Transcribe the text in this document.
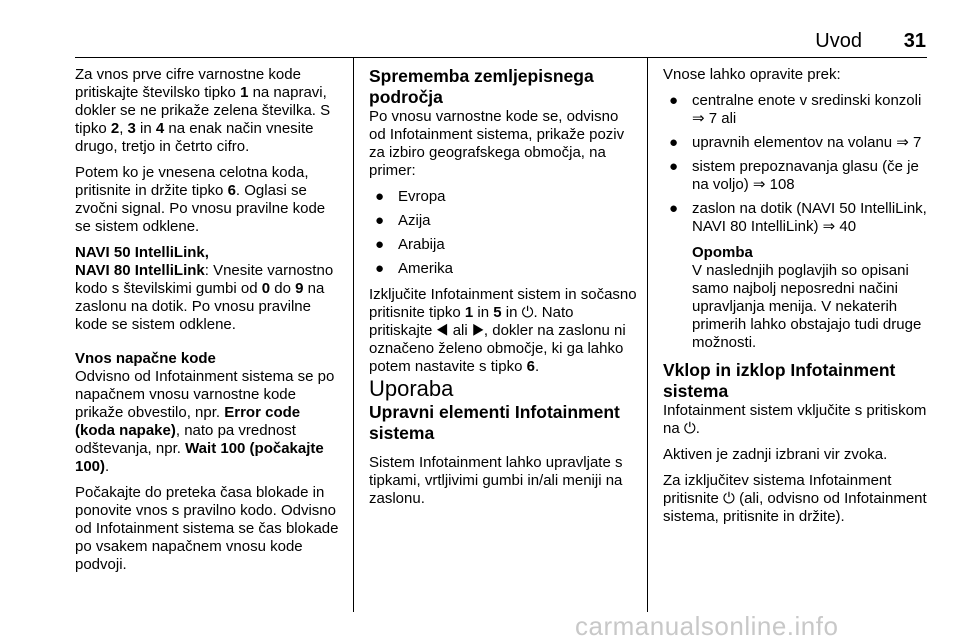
Uvod	31

Za vnos prve cifre varnostne kode pritiskajte številsko tipko 1 na napravi, dokler se ne prikaže zelena številka. S tipko 2, 3 in 4 na enak način vnesite drugo, tretjo in četrto cifro.

Potem ko je vnesena celotna koda, pritisnite in držite tipko 6. Oglasi se zvočni signal. Po vnosu pravilne kode se sistem odklene.

NAVI 50 IntelliLink,
NAVI 80 IntelliLink: Vnesite varnostno kodo s številskimi gumbi od 0 do 9 na zaslonu na dotik. Po vnosu pravilne kode se sistem odklene.

Vnos napačne kode

Odvisno od Infotainment sistema se po napačnem vnosu varnostne kode prikaže obvestilo, npr. Error code (koda napake), nato pa vrednost odštevanja, npr. Wait 100 (počakajte 100).

Počakajte do preteka časa blokade in ponovite vnos s pravilno kodo. Odvisno od Infotainment sistema se čas blokade po vsakem napačnem vnosu kode podvoji.

Sprememba zemljepisnega področja

Po vnosu varnostne kode se, odvisno od Infotainment sistema, prikaže poziv za izbiro geografskega območja, na primer:

● Evropa
● Azija
● Arabija
● Amerika

Izključite Infotainment sistem in sočasno pritisnite tipko 1 in 5 in ⏻. Nato pritiskajte ◀ ali ▶, dokler na zaslonu ni označeno želeno območje, ki ga lahko potem nastavite s tipko 6.

Uporaba

Upravni elementi Infotainment sistema

Sistem Infotainment lahko upravljate s tipkami, vrtljivimi gumbi in/ali meniji na zaslonu.

Vnose lahko opravite prek:

● centralne enote v sredinski konzoli ⇒ 7 ali
● upravnih elementov na volanu ⇒ 7
● sistem prepoznavanja glasu (če je na voljo) ⇒ 108
● zaslon na dotik (NAVI 50 IntelliLink, NAVI 80 IntelliLink) ⇒ 40
Opomba
V naslednjih poglavjih so opisani samo najbolj neposredni načini upravljanja menija. V nekaterih primerih lahko obstajajo tudi druge možnosti.

Vklop in izklop Infotainment sistema

Infotainment sistem vključite s pritiskom na ⏻.

Aktiven je zadnji izbrani vir zvoka.

Za izključitev sistema Infotainment pritisnite ⏻ (ali, odvisno od Infotainment sistema, pritisnite in držite).

carmanualsonline.info
